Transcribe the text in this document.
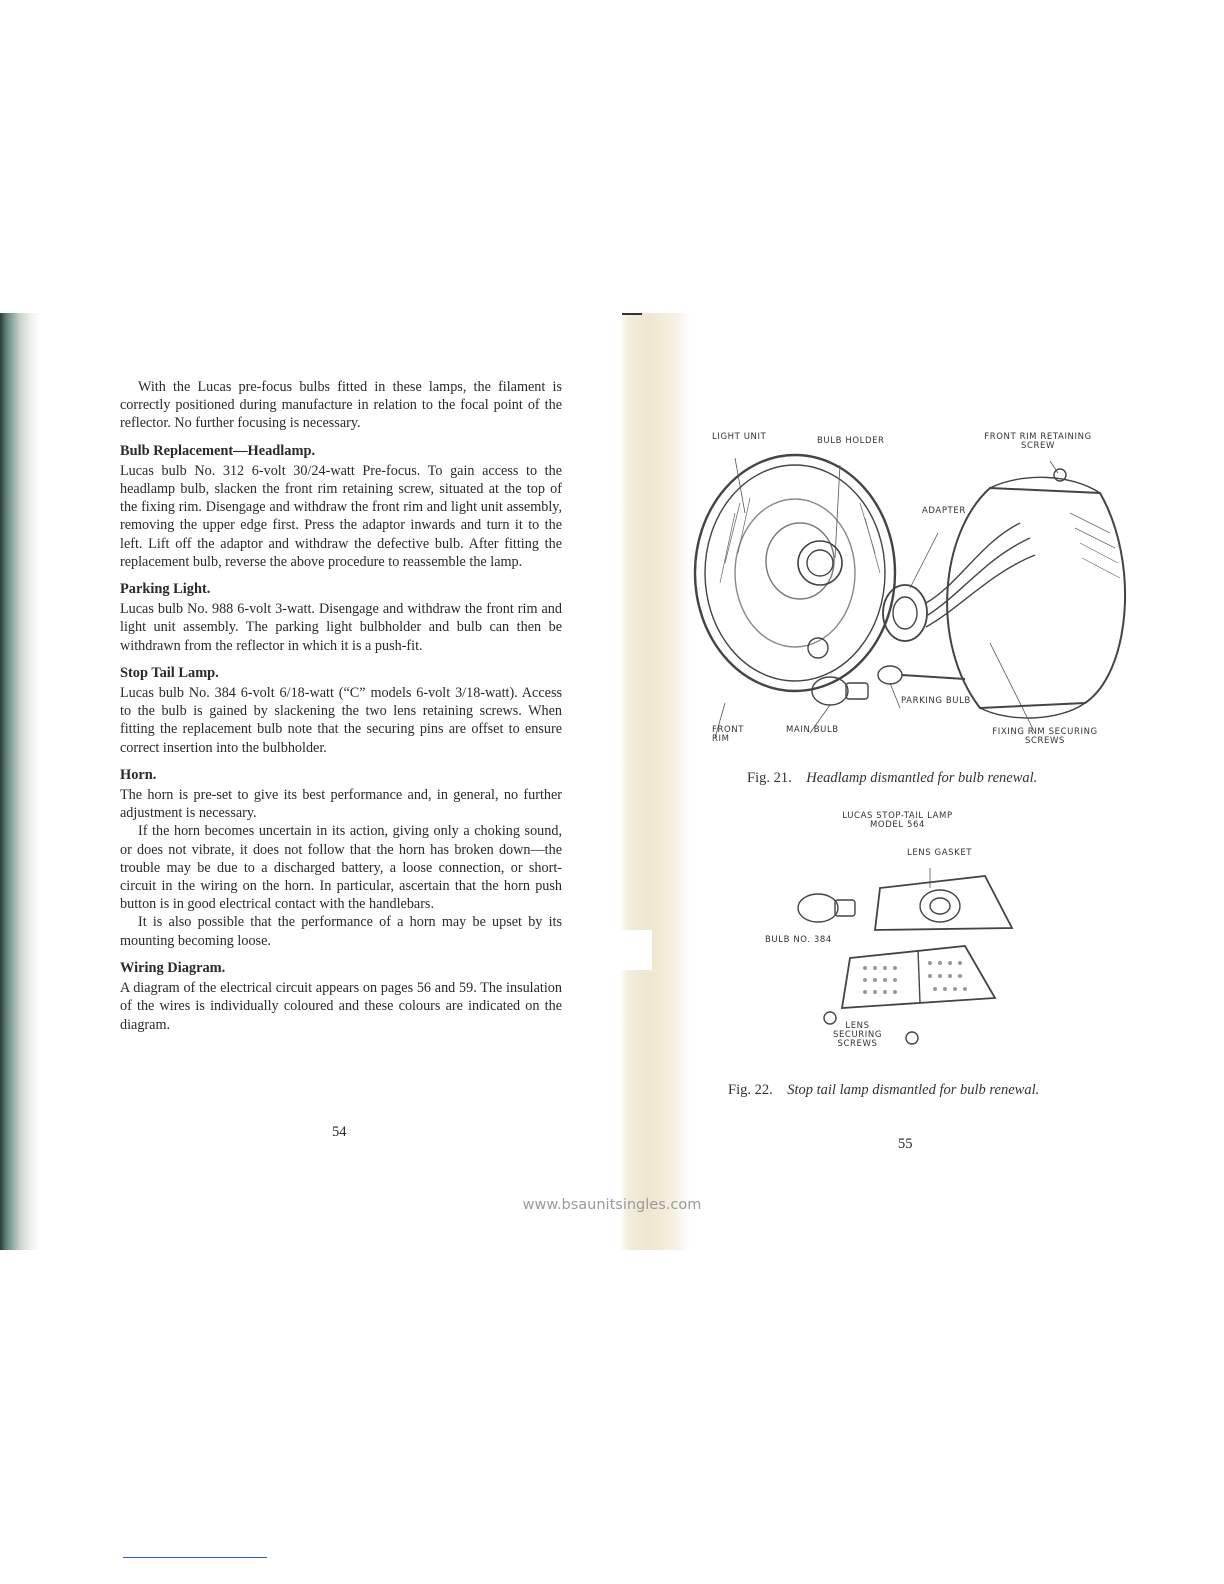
With the Lucas pre-focus bulbs fitted in these lamps, the filament is correctly positioned during manufacture in relation to the focal point of the reflector. No further focusing is necessary.

Bulb Replacement—Headlamp.

Lucas bulb No. 312 6-volt 30/24-watt Pre-focus. To gain access to the headlamp bulb, slacken the front rim retaining screw, situated at the top of the fixing rim. Disengage and withdraw the front rim and light unit assembly, removing the upper edge first. Press the adaptor inwards and turn it to the left. Lift off the adaptor and withdraw the defective bulb. After fitting the replacement bulb, reverse the above procedure to reassemble the lamp.

Parking Light.

Lucas bulb No. 988 6-volt 3-watt. Disengage and withdraw the front rim and light unit assembly. The parking light bulbholder and bulb can then be withdrawn from the reflector in which it is a push-fit.

Stop Tail Lamp.

Lucas bulb No. 384 6-volt 6/18-watt (“C” models 6-volt 3/18-watt). Access to the bulb is gained by slackening the two lens retaining screws. When fitting the replacement bulb note that the securing pins are offset to ensure correct insertion into the bulbholder.

Horn.

The horn is pre-set to give its best performance and, in general, no further adjustment is necessary.

If the horn becomes uncertain in its action, giving only a choking sound, or does not vibrate, it does not follow that the horn has broken down—the trouble may be due to a discharged battery, a loose connection, or short-circuit in the wiring on the horn. In particular, ascertain that the horn push button is in good electrical contact with the handlebars.

It is also possible that the performance of a horn may be upset by its mounting becoming loose.

Wiring Diagram.

A diagram of the electrical circuit appears on pages 56 and 59. The insulation of the wires is individually coloured and these colours are indicated on the diagram.

54
LIGHT UNIT	BULB HOLDER	FRONT RIM RETAINING SCREW
ADAPTER
PARKING BULB
FRONT RIM
MAIN BULB	FIXING RIM SECURING SCREWS
Fig. 21. Headlamp dismantled for bulb renewal.
LUCAS STOP-TAIL LAMP MODEL 564
LENS GASKET
BULB NO. 384
LENS SECURING SCREWS
Fig. 22. Stop tail lamp dismantled for bulb renewal.
55
www.bsaunitsingles.com
